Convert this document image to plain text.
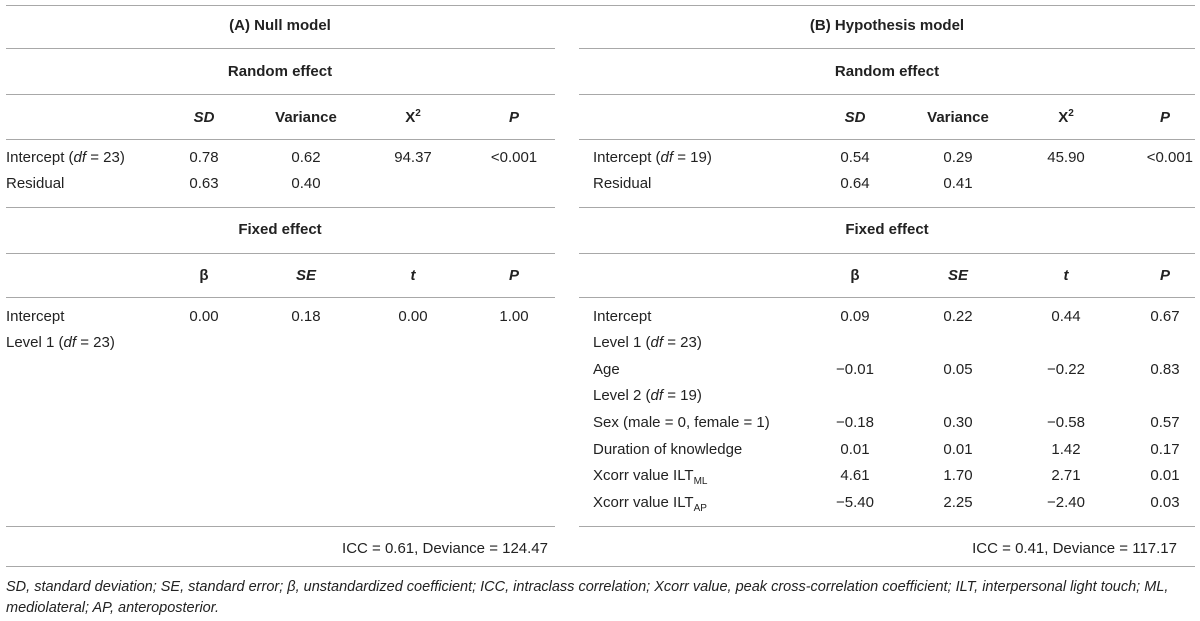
(A) Null model
Random effect
SD	Variance	$X^2$	P
Intercept (df = 23)	0.78	0.62	94.37	<0.001
Residual	0.63	0.40
Fixed effect
β	SE	t	P
Intercept	0.00	0.18	0.00	1.00
Level 1 (df = 23)
ICC = 0.61, Deviance = 124.47
(B) Hypothesis model
Random effect
SD	Variance	$X^2$	P
Intercept (df = 19)	0.54	0.29	45.90	<0.001
Residual	0.64	0.41
Fixed effect
β	SE	t	P
Intercept	0.09	0.22	0.44	0.67
Level 1 (df = 23)
Age	−0.01	0.05	−0.22	0.83
Level 2 (df = 19)
Sex (male = 0, female = 1)	−0.18	0.30	−0.58	0.57
Duration of knowledge	0.01	0.01	1.42	0.17
Xcorr value $ILT_{ML}$	4.61	1.70	2.71	0.01
Xcorr value $ILT_{AP}$	−5.40	2.25	−2.40	0.03
ICC = 0.41, Deviance = 117.17
SD, standard deviation; SE, standard error; β, unstandardized coefficient; ICC, intraclass correlation; Xcorr value, peak cross-correlation coefficient; ILT, interpersonal light touch; ML, mediolateral; AP, anteroposterior.
